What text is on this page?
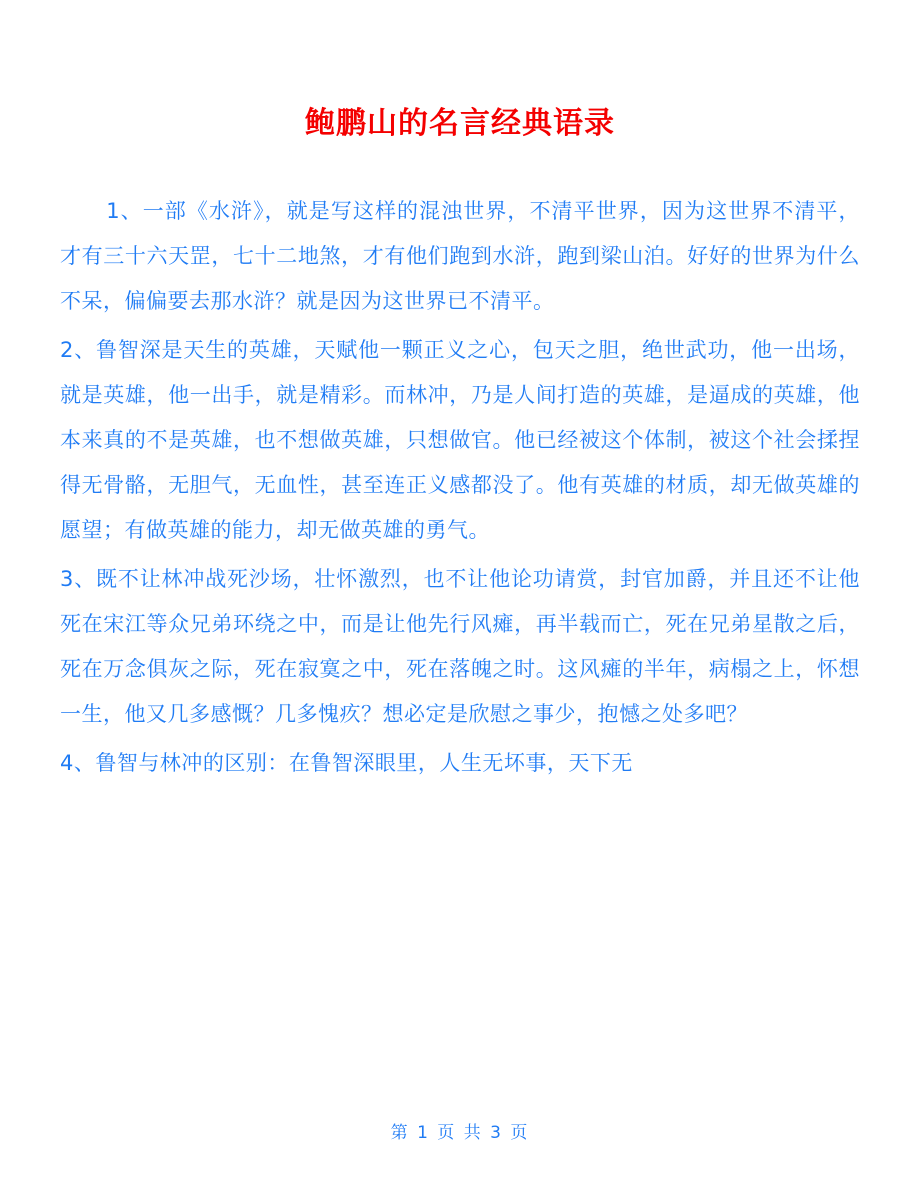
鲍鹏山的名言经典语录

1、一部《水浒》，就是写这样的混浊世界，不清平世界，因为这世界不清平，才有三十六天罡，七十二地煞，才有他们跑到水浒，跑到梁山泊。好好的世界为什么不呆，偏偏要去那水浒？就是因为这世界已不清平。

2、鲁智深是天生的英雄，天赋他一颗正义之心，包天之胆，绝世武功，他一出场，就是英雄，他一出手，就是精彩。而林冲，乃是人间打造的英雄，是逼成的英雄，他本来真的不是英雄，也不想做英雄，只想做官。他已经被这个体制，被这个社会揉捏得无骨骼，无胆气，无血性，甚至连正义感都没了。他有英雄的材质，却无做英雄的愿望；有做英雄的能力，却无做英雄的勇气。

3、既不让林冲战死沙场，壮怀激烈，也不让他论功请赏，封官加爵，并且还不让他死在宋江等众兄弟环绕之中，而是让他先行风瘫，再半载而亡，死在兄弟星散之后，死在万念俱灰之际，死在寂寞之中，死在落魄之时。这风瘫的半年，病榻之上，怀想一生，他又几多感慨？几多愧疚？想必定是欣慰之事少，抱憾之处多吧？

4、鲁智与林冲的区别：在鲁智深眼里，人生无坏事，天下无

第 1 页 共 3 页
